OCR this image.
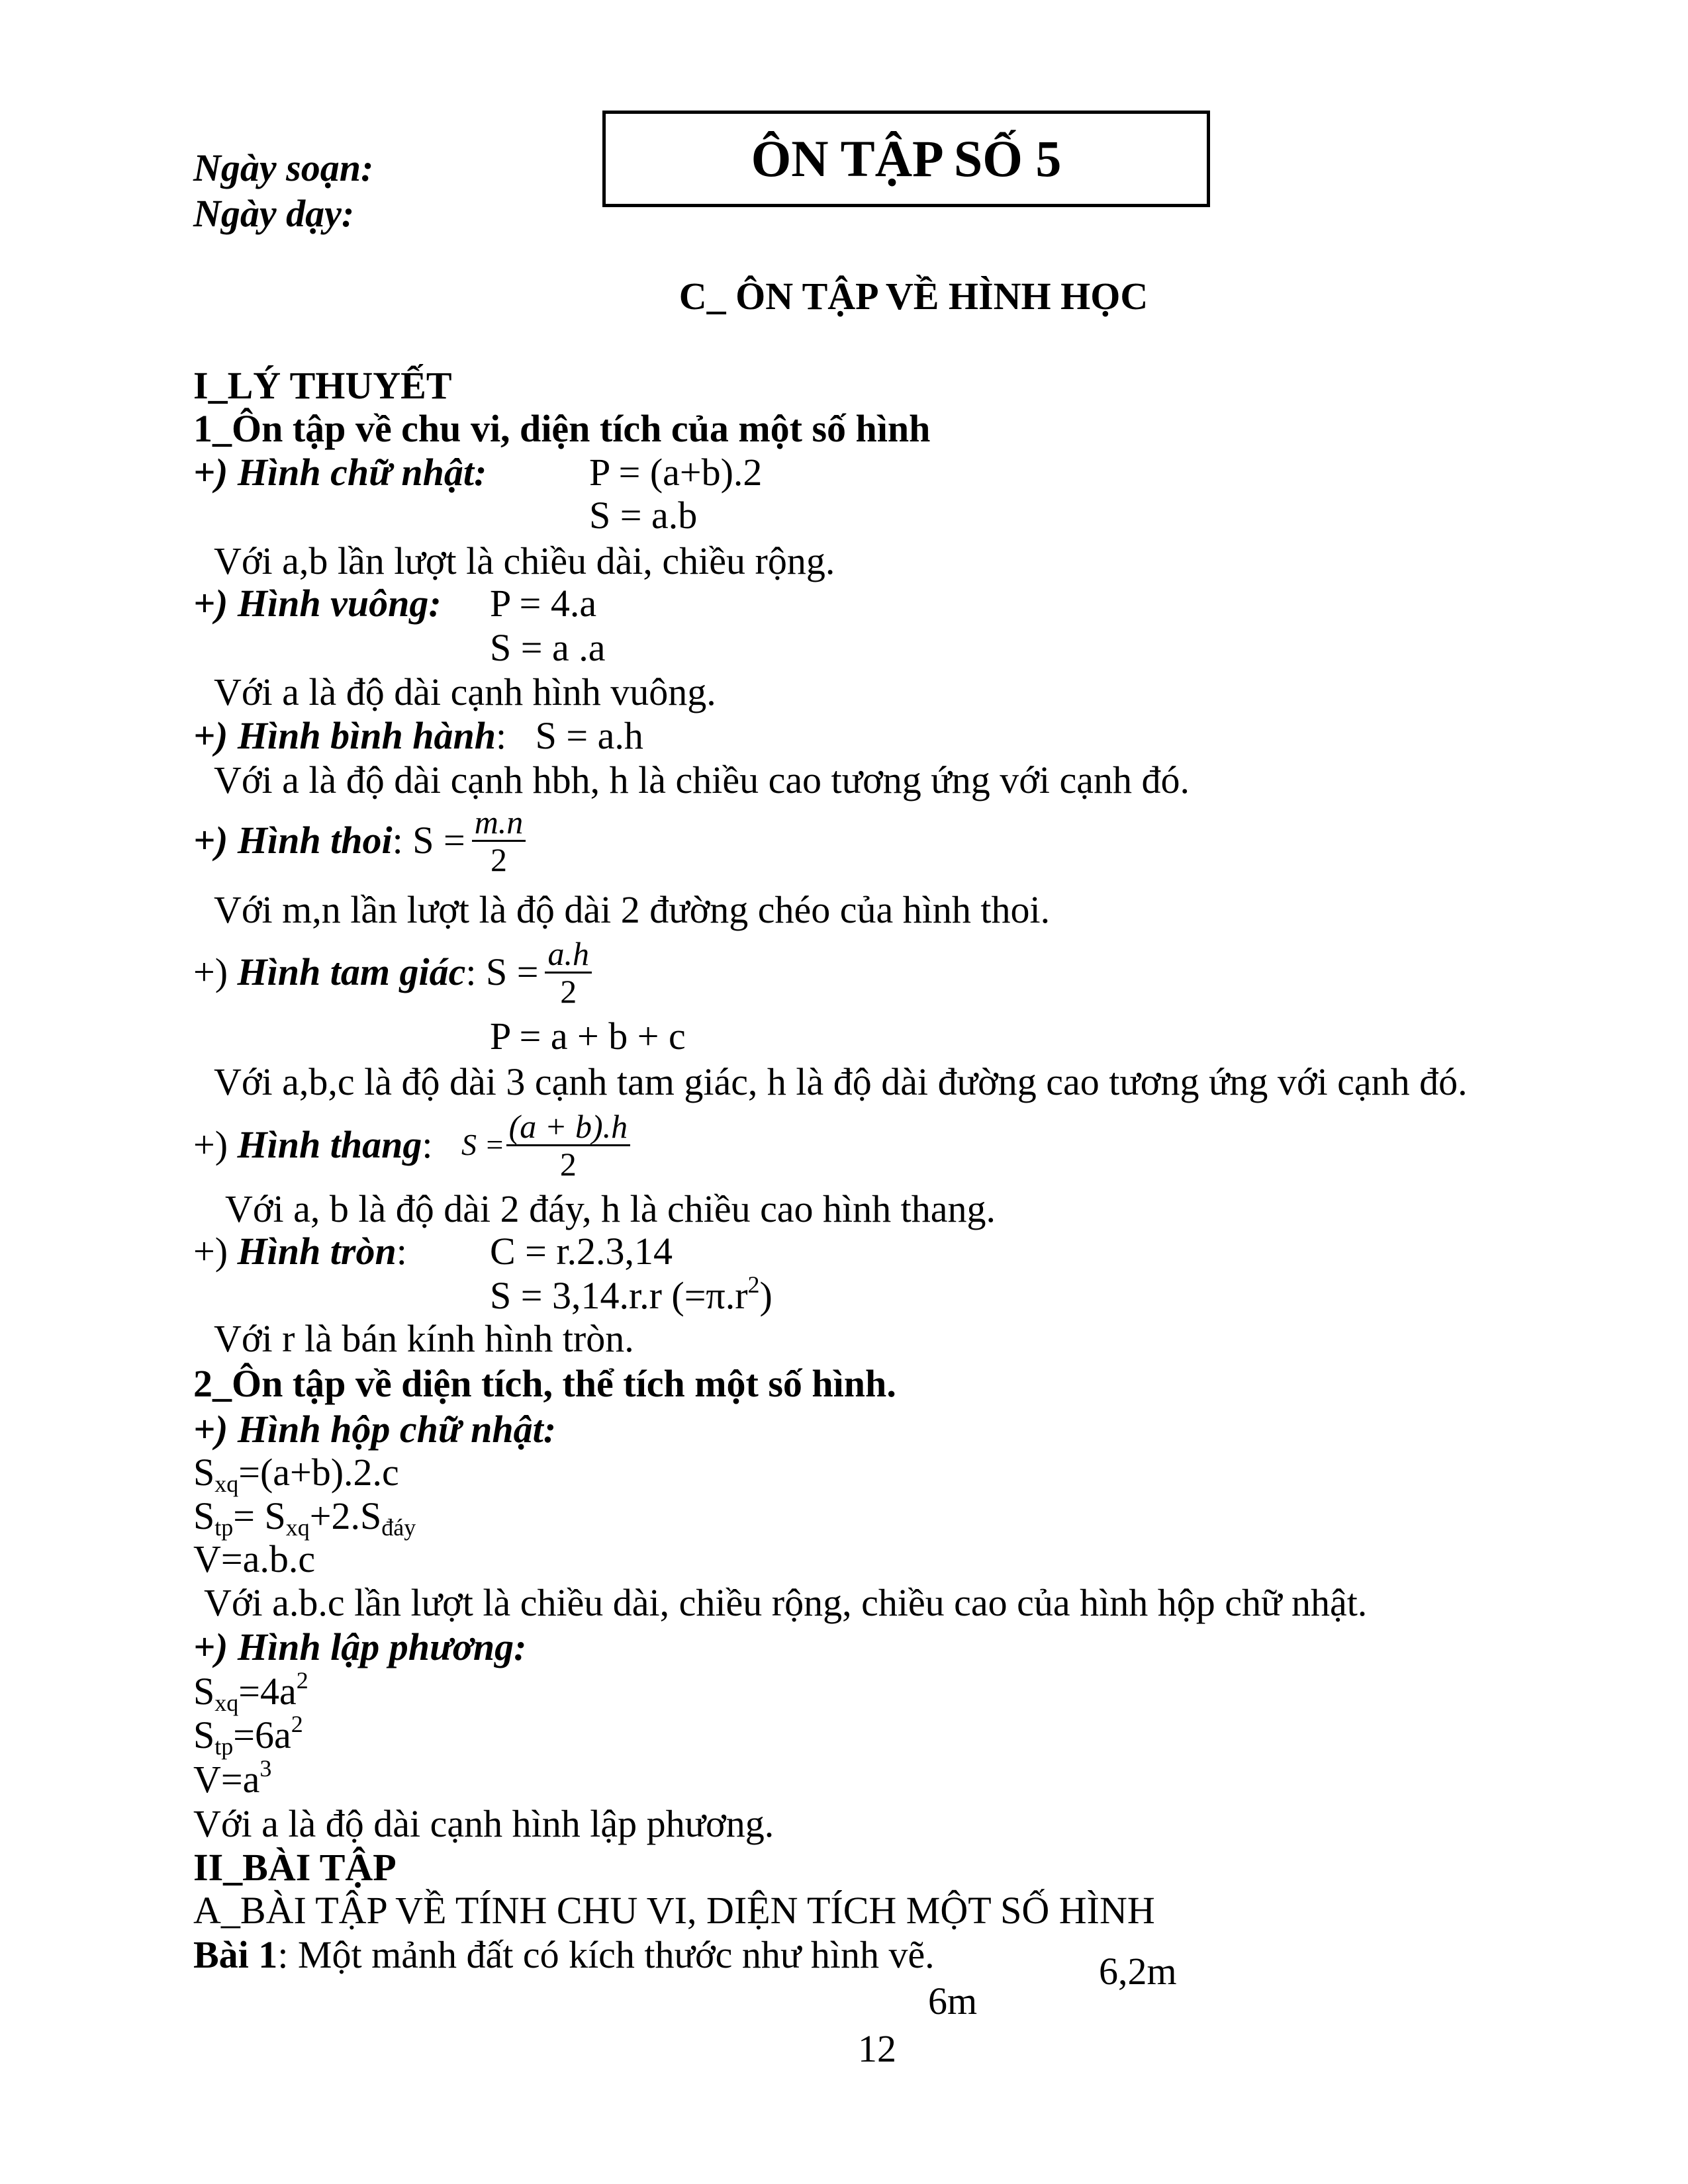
Ngày soạn:
Ngày dạy:
ÔN TẬP SỐ 5
C_ ÔN TẬP VỀ HÌNH HỌC
I_LÝ THUYẾT
1_Ôn tập về chu vi, diện tích của một số hình
+) Hình chữ nhật:	P = (a+b).2
S = a.b
Với a,b lần lượt là chiều dài, chiều rộng.
+) Hình vuông: P = 4.a
S = a .a
Với a là độ dài cạnh hình vuông.
+) Hình bình hành:   S = a.h
Với a là độ dài cạnh hbh, h là chiều cao tương ứng với cạnh đó.
+) Hình thoi : $S = \frac{m.n}{2}$
Với m,n lần lượt là độ dài 2 đường chéo của hình thoi.
+)
Hình tam giác : $S = \frac{a.h}{2}$
P = a + b + c
Với a,b,c là độ dài 3 cạnh tam giác, h là độ dài đường cao tương ứng với cạnh đó.
+)
Hình thang : $S = \frac{(a + b).h}{2}$
Với a, b là độ dài 2 đáy, h là chiều cao hình thang.
+) Hình tròn: C = r.2.3,14
S = 3,14.r.r $(=\pi.r^2)$
Với r là bán kính hình tròn.
2_Ôn tập về diện tích, thể tích một số hình.
+) Hình hộp chữ nhật:
$S_{xq}=(a+b).2.c$
$S_{tp}= S_{xq}+2.S_{đáy}$
V=a.b.c
Với a.b.c lần lượt là chiều dài, chiều rộng, chiều cao của hình hộp chữ nhật.
+) Hình lập phương:
$S_{xq}=4a^2$
$S_{tp}=6a^2$
$V=a^3$
Với a là độ dài cạnh hình lập phương.
II_BÀI TẬP
A_BÀI TẬP VỀ TÍNH CHU VI, DIỆN TÍCH MỘT SỐ HÌNH
Bài 1: Một mảnh đất có kích thước như hình vẽ.	6,2m
6m
12
